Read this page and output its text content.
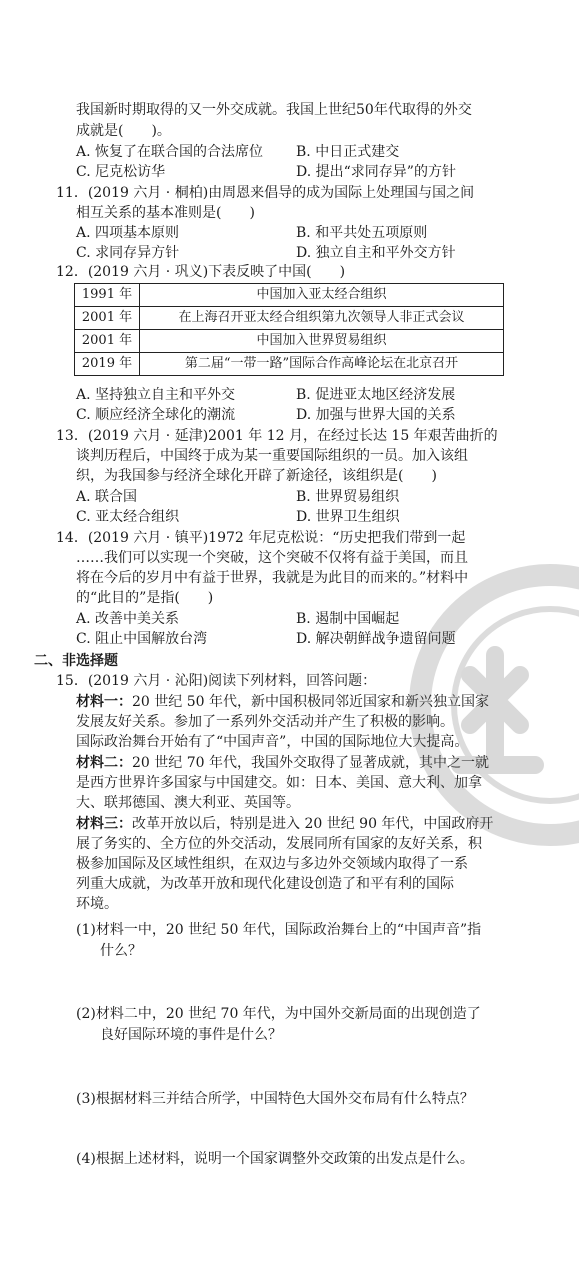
我国新时期取得的又一外交成就。我国上世纪50年代取得的外交
成就是(　　)。
A. 恢复了在联合国的合法席位 B. 中日正式建交
C. 尼克松访华	D. 提出“求同存异”的方针
11．(2019 六月 · 桐柏)由周恩来倡导的成为国际上处理国与国之间
相互关系的基本准则是(　　)
A. 四项基本原则	B. 和平共处五项原则
C. 求同存异方针	D. 独立自主和平外交方针
12．(2019 六月 · 巩义)下表反映了中国(　　)
1991 年	中国加入亚太经合组织
2001 年	在上海召开亚太经合组织第九次领导人非正式会议
2001 年	中国加入世界贸易组织
2019 年	第二届“一带一路”国际合作高峰论坛在北京召开
A. 坚持独立自主和平外交	B. 促进亚太地区经济发展
C. 顺应经济全球化的潮流	D. 加强与世界大国的关系
13．(2019 六月 · 延津)2001 年 12 月，在经过长达 15 年艰苦曲折的
谈判历程后，中国终于成为某一重要国际组织的一员。加入该组
织，为我国参与经济全球化开辟了新途径，该组织是(　　)
A. 联合国	B. 世界贸易组织
C. 亚太经合组织	D. 世界卫生组织
14．(2019 六月 · 镇平)1972 年尼克松说：“历史把我们带到一起
……我们可以实现一个突破，这个突破不仅将有益于美国，而且
将在今后的岁月中有益于世界，我就是为此目的而来的。”材料中
的“此目的”是指(　　)
A. 改善中美关系	B. 遏制中国崛起
C. 阻止中国解放台湾	D. 解决朝鲜战争遗留问题
二、非选择题
15．(2019 六月 · 沁阳)阅读下列材料，回答问题：
材料一：20 世纪 50 年代，新中国积极同邻近国家和新兴独立国家
发展友好关系。参加了一系列外交活动并产生了积极的影响。
国际政治舞台开始有了“中国声音”，中国的国际地位大大提高。
材料二：20 世纪 70 年代，我国外交取得了显著成就，其中之一就
是西方世界许多国家与中国建交。如：日本、美国、意大利、加拿
大、联邦德国、澳大利亚、英国等。
材料三：改革开放以后，特别是进入 20 世纪 90 年代，中国政府开
展了务实的、全方位的外交活动，发展同所有国家的友好关系，积
极参加国际及区域性组织，在双边与多边外交领域内取得了一系
列重大成就，为改革开放和现代化建设创造了和平有利的国际
环境。
(1)材料一中，20 世纪 50 年代，国际政治舞台上的“中国声音”指
什么？
(2)材料二中，20 世纪 70 年代，为中国外交新局面的出现创造了
良好国际环境的事件是什么？
(3)根据材料三并结合所学，中国特色大国外交布局有什么特点？
(4)根据上述材料，说明一个国家调整外交政策的出发点是什么。
